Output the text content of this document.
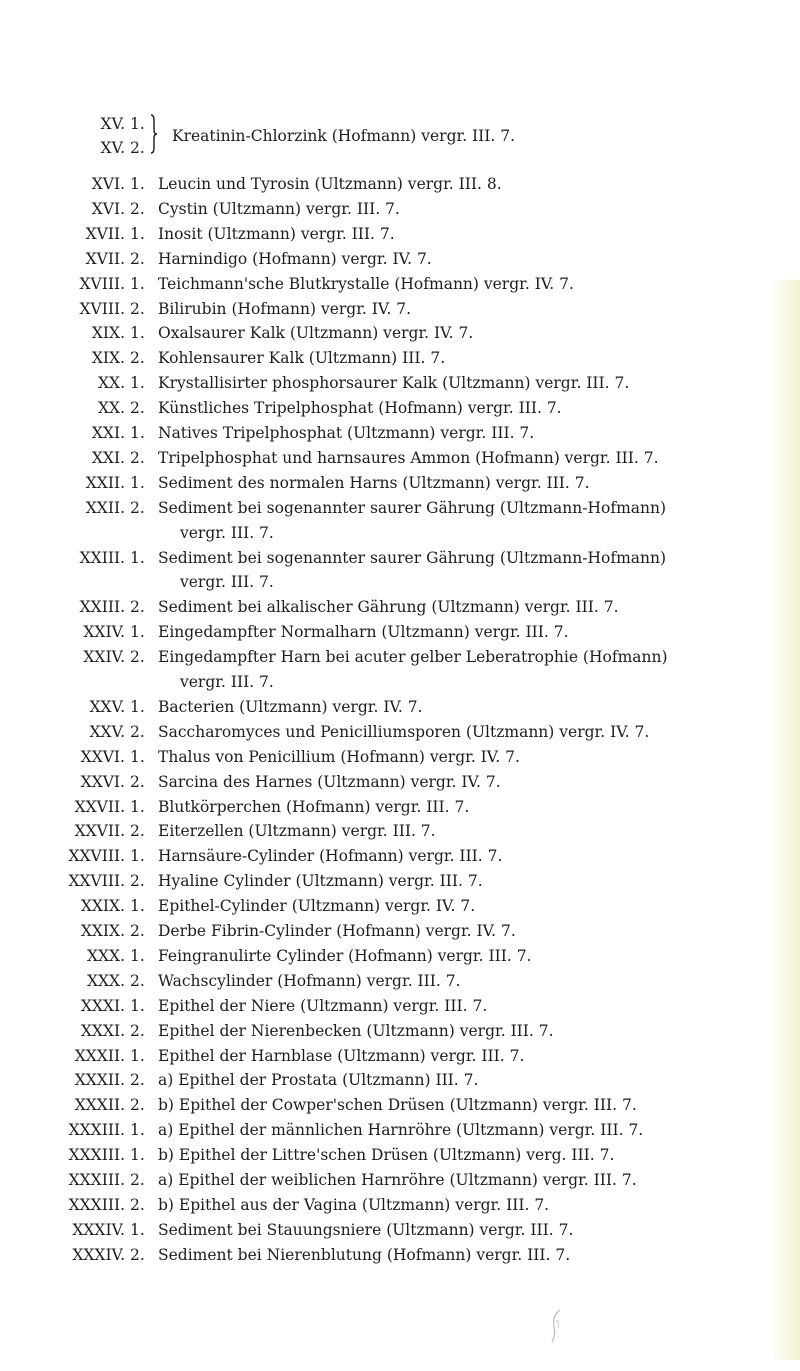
XV. 1.
XV. 2.
Kreatinin-Chlorzink (Hofmann) vergr. III. 7.
XVI. 1. Leucin und Tyrosin (Ultzmann) vergr. III. 8.
XVI. 2. Cystin (Ultzmann) vergr. III. 7.
XVII. 1. Inosit (Ultzmann) vergr. III. 7.
XVII. 2. Harnindigo (Hofmann) vergr. IV. 7.
XVIII. 1. Teichmann'sche Blutkrystalle (Hofmann) vergr. IV. 7.
XVIII. 2. Bilirubin (Hofmann) vergr. IV. 7.
XIX. 1. Oxalsaurer Kalk (Ultzmann) vergr. IV. 7.
XIX. 2. Kohlensaurer Kalk (Ultzmann) III. 7.
XX. 1. Krystallisirter phosphorsaurer Kalk (Ultzmann) vergr. III. 7.
XX. 2. Künstliches Tripelphosphat (Hofmann) vergr. III. 7.
XXI. 1. Natives Tripelphosphat (Ultzmann) vergr. III. 7.
XXI. 2. Tripelphosphat und harnsaures Ammon (Hofmann) vergr. III. 7.
XXII. 1. Sediment des normalen Harns (Ultzmann) vergr. III. 7.
XXII. 2. Sediment bei sogenannter saurer Gährung (Ultzmann-Hofmann)
vergr. III. 7.
XXIII. 1. Sediment bei sogenannter saurer Gährung (Ultzmann-Hofmann)
vergr. III. 7.
XXIII. 2. Sediment bei alkalischer Gährung (Ultzmann) vergr. III. 7.
XXIV. 1. Eingedampfter Normalharn (Ultzmann) vergr. III. 7.
XXIV. 2. Eingedampfter Harn bei acuter gelber Leberatrophie (Hofmann)
vergr. III. 7.
XXV. 1. Bacterien (Ultzmann) vergr. IV. 7.
XXV. 2. Saccharomyces und Penicilliumsporen (Ultzmann) vergr. IV. 7.
XXVI. 1. Thalus von Penicillium (Hofmann) vergr. IV. 7.
XXVI. 2. Sarcina des Harnes (Ultzmann) vergr. IV. 7.
XXVII. 1. Blutkörperchen (Hofmann) vergr. III. 7.
XXVII. 2. Eiterzellen (Ultzmann) vergr. III. 7.
XXVIII. 1. Harnsäure-Cylinder (Hofmann) vergr. III. 7.
XXVIII. 2. Hyaline Cylinder (Ultzmann) vergr. III. 7.
XXIX. 1. Epithel-Cylinder (Ultzmann) vergr. IV. 7.
XXIX. 2. Derbe Fibrin-Cylinder (Hofmann) vergr. IV. 7.
XXX. 1. Feingranulirte Cylinder (Hofmann) vergr. III. 7.
XXX. 2. Wachscylinder (Hofmann) vergr. III. 7.
XXXI. 1. Epithel der Niere (Ultzmann) vergr. III. 7.
XXXI. 2. Epithel der Nierenbecken (Ultzmann) vergr. III. 7.
XXXII. 1. Epithel der Harnblase (Ultzmann) vergr. III. 7.
XXXII. 2. a) Epithel der Prostata (Ultzmann) III. 7.
XXXII. 2. b) Epithel der Cowper'schen Drüsen (Ultzmann) vergr. III. 7.
XXXIII. 1. a) Epithel der männlichen Harnröhre (Ultzmann) vergr. III. 7.
XXXIII. 1. b) Epithel der Littre'schen Drüsen (Ultzmann) verg. III. 7.
XXXIII. 2. a) Epithel der weiblichen Harnröhre (Ultzmann) vergr. III. 7.
XXXIII. 2. b) Epithel aus der Vagina (Ultzmann) vergr. III. 7.
XXXIV. 1. Sediment bei Stauungsniere (Ultzmann) vergr. III. 7.
XXXIV. 2. Sediment bei Nierenblutung (Hofmann) vergr. III. 7.
